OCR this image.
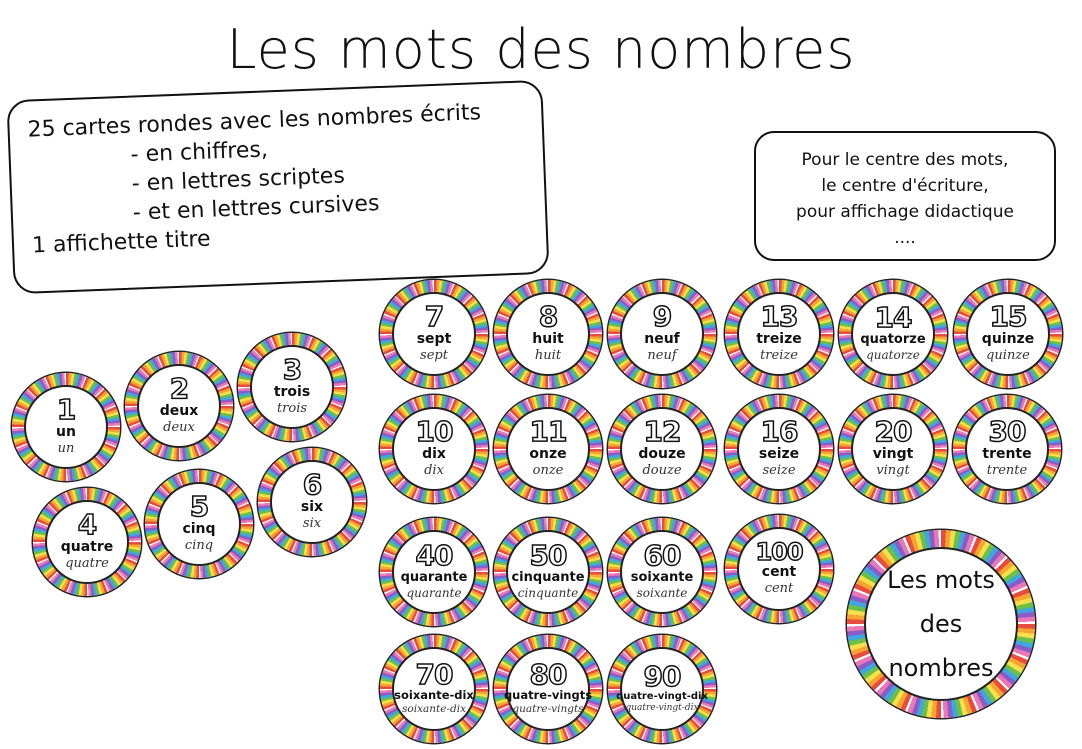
Les mots des nombres
25 cartes rondes avec les nombres écrits
- en chiffres,
- en lettres scriptes
- et en lettres cursives
1 affichette titre
Pour le centre des mots,
le centre d'écriture,
pour affichage didactique
....
1
un
un
2
deux
deux
3
trois
trois
4
quatre
quatre
5
cinq
cinq
6
six
six
7
sept
sept
8
huit
huit
9
neuf
neuf
13
treize
treize
14
quatorze
quatorze
15
quinze
quinze
10
dix
dix
11
onze
onze
12
douze
douze
16
seize
seize
20
vingt
vingt
30
trente
trente
40
quarante
quarante
50
cinquante
cinquante
60
soixante
soixante
100
cent
cent
70
soixante-dix
soixante-dix
80
quatre-vingts
quatre-vingts
90
quatre-vingt-dix
quatre-vingt-dix
Les mots
des nombres
